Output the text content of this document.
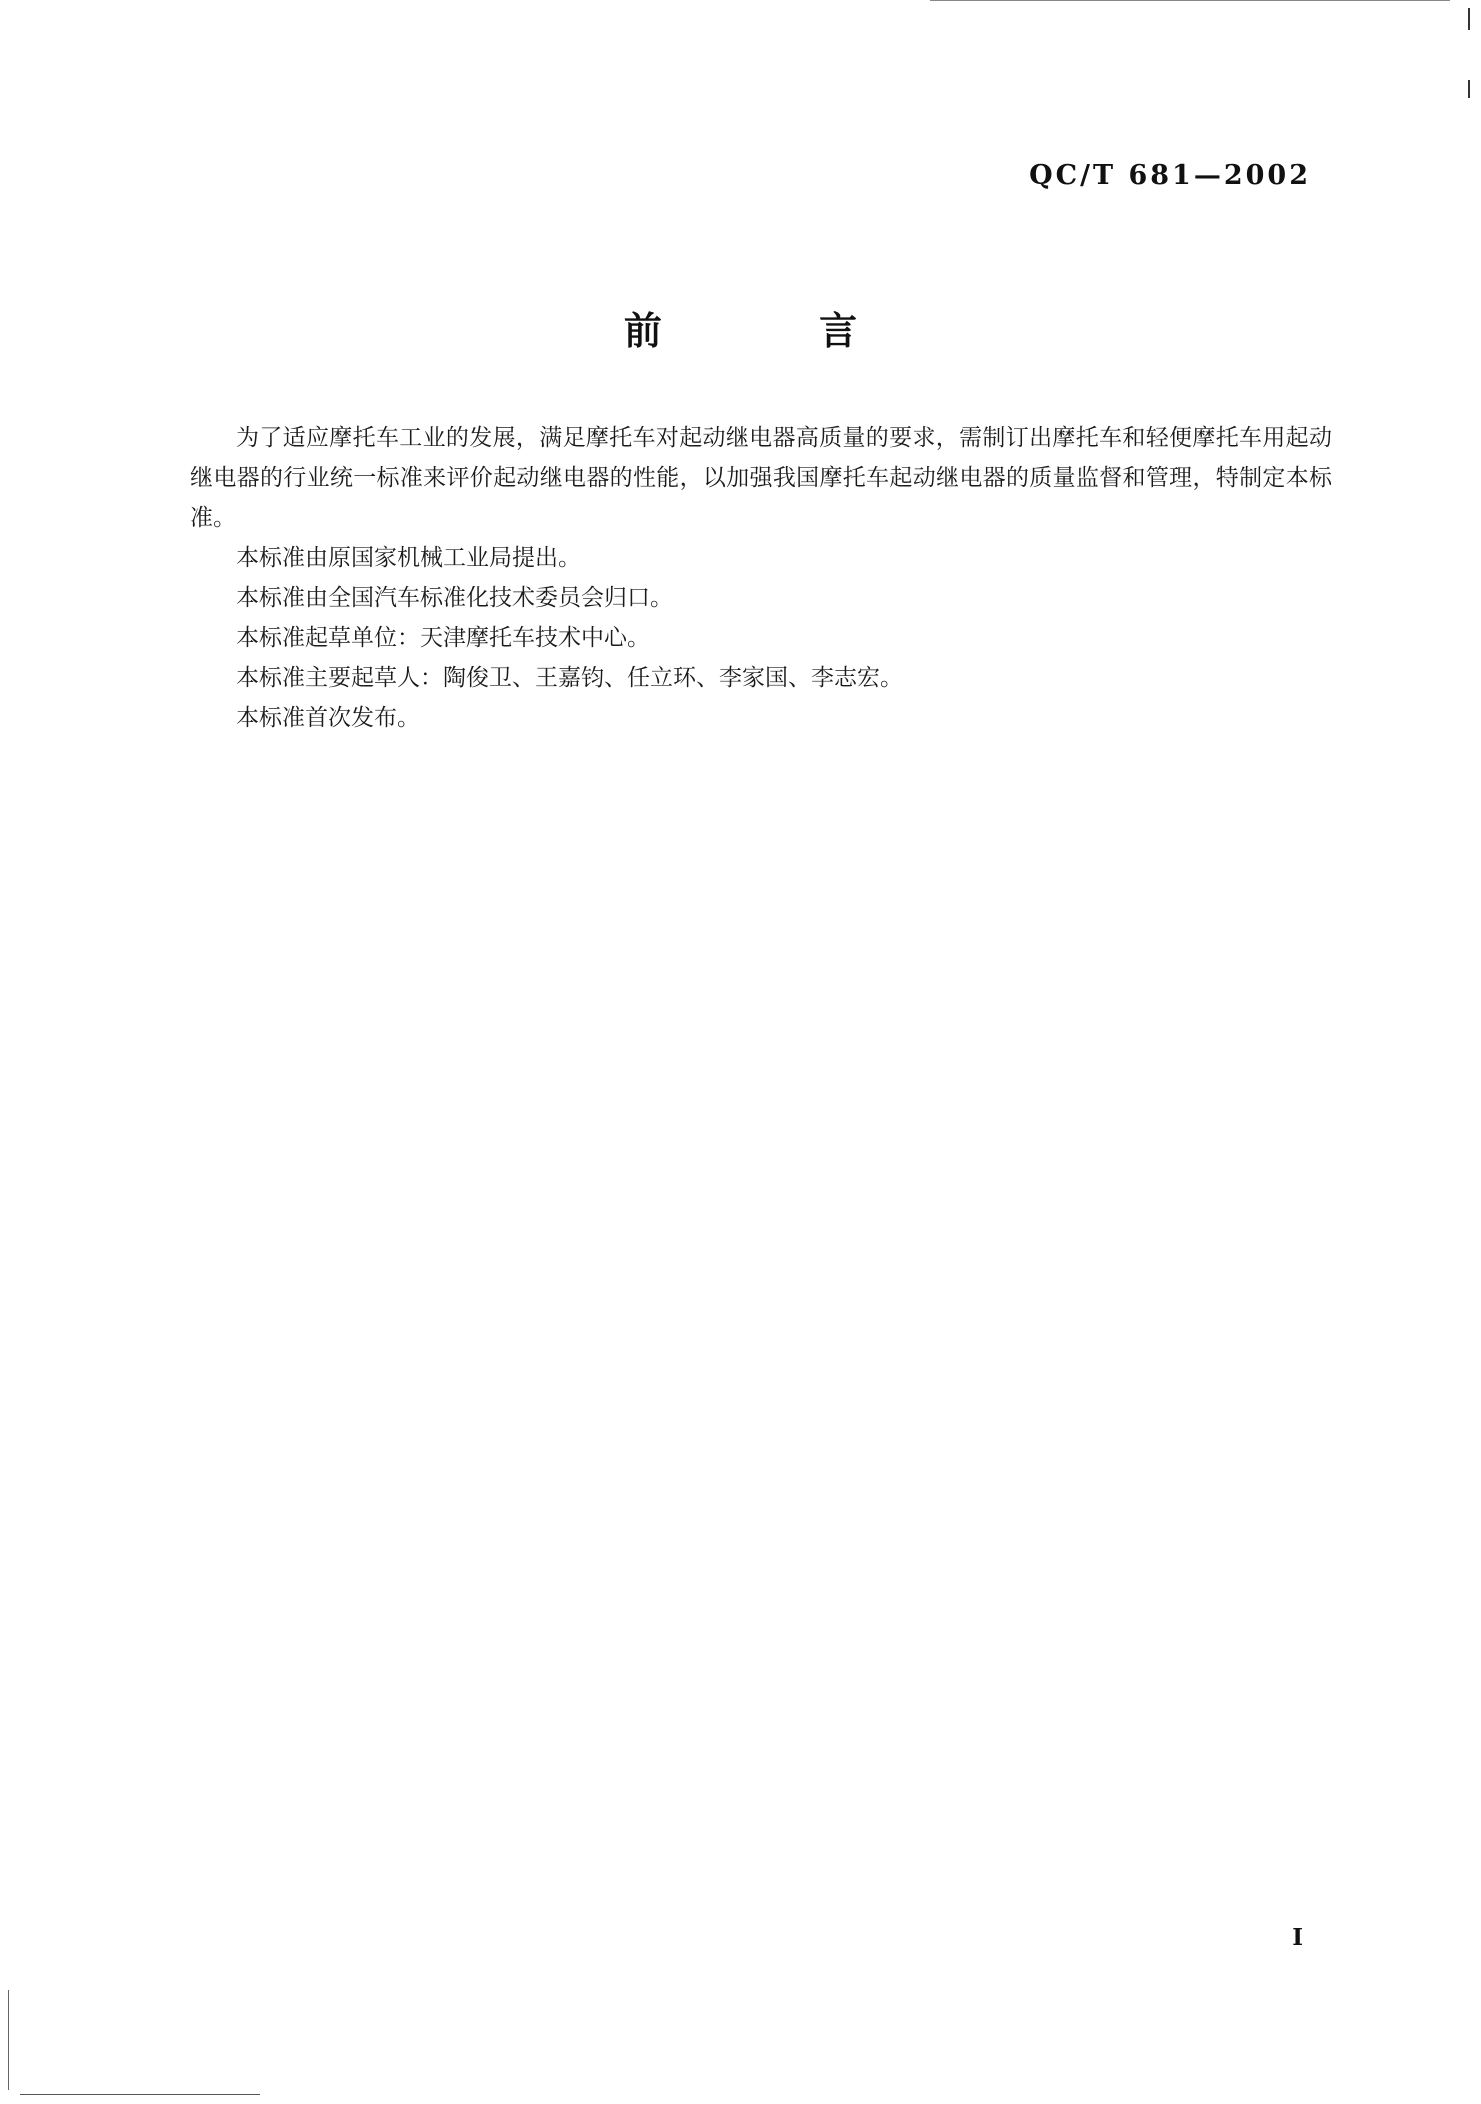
QC/T 681—2002
前 言

为了适应摩托车工业的发展，满足摩托车对起动继电器高质量的要求，需制订出摩托车和轻便摩托车用起动继电器的行业统一标准来评价起动继电器的性能，以加强我国摩托车起动继电器的质量监督和管理，特制定本标准。

本标准由原国家机械工业局提出。

本标准由全国汽车标准化技术委员会归口。

本标准起草单位：天津摩托车技术中心。

本标准主要起草人：陶俊卫、王嘉钧、任立环、李家国、李志宏。

本标准首次发布。

I
